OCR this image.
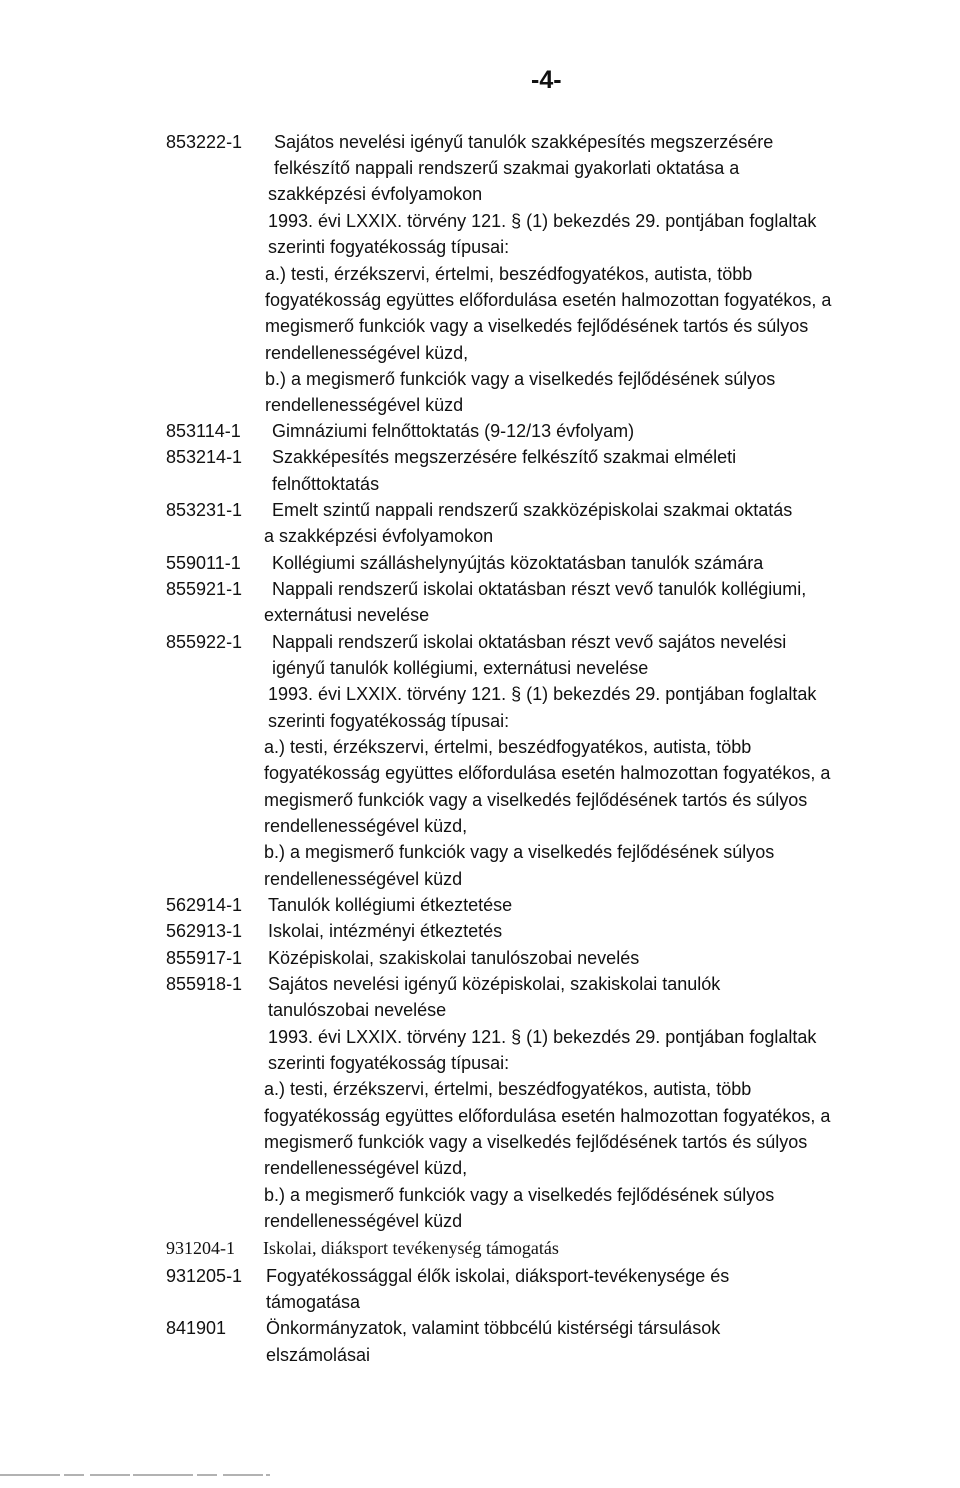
-4-
853222-1 Sajátos nevelési igényű tanulók szakképesítés megszerzésére
felkészítő nappali rendszerű szakmai gyakorlati oktatása a
szakképzési évfolyamokon
1993. évi LXXIX. törvény 121. § (1) bekezdés 29. pontjában foglaltak
szerinti fogyatékosság típusai:
a.) testi, érzékszervi, értelmi, beszédfogyatékos, autista, több
fogyatékosság együttes előfordulása esetén halmozottan fogyatékos, a
megismerő funkciók vagy a viselkedés fejlődésének tartós és súlyos
rendellenességével küzd,
b.) a megismerő funkciók vagy a viselkedés fejlődésének súlyos
rendellenességével küzd
853114-1 Gimnáziumi felnőttoktatás (9-12/13 évfolyam)
853214-1 Szakképesítés megszerzésére felkészítő szakmai elméleti
felnőttoktatás
853231-1 Emelt szintű nappali rendszerű szakközépiskolai szakmai oktatás
a szakképzési évfolyamokon
559011-1 Kollégiumi szálláshelynyújtás közoktatásban tanulók számára
855921-1 Nappali rendszerű iskolai oktatásban részt vevő tanulók kollégiumi,
externátusi nevelése
855922-1 Nappali rendszerű iskolai oktatásban részt vevő sajátos nevelési
igényű tanulók kollégiumi, externátusi nevelése
1993. évi LXXIX. törvény 121. § (1) bekezdés 29. pontjában foglaltak
szerinti fogyatékosság típusai:
a.) testi, érzékszervi, értelmi, beszédfogyatékos, autista, több
fogyatékosság együttes előfordulása esetén halmozottan fogyatékos, a
megismerő funkciók vagy a viselkedés fejlődésének tartós és súlyos
rendellenességével küzd,
b.) a megismerő funkciók vagy a viselkedés fejlődésének súlyos
rendellenességével küzd
562914-1 Tanulók kollégiumi étkeztetése
562913-1 Iskolai, intézményi étkeztetés
855917-1 Középiskolai, szakiskolai tanulószobai nevelés
855918-1 Sajátos nevelési igényű középiskolai, szakiskolai tanulók
tanulószobai nevelése
1993. évi LXXIX. törvény 121. § (1) bekezdés 29. pontjában foglaltak
szerinti fogyatékosság típusai:
a.) testi, érzékszervi, értelmi, beszédfogyatékos, autista, több
fogyatékosság együttes előfordulása esetén halmozottan fogyatékos, a
megismerő funkciók vagy a viselkedés fejlődésének tartós és súlyos
rendellenességével küzd,
b.) a megismerő funkciók vagy a viselkedés fejlődésének súlyos
rendellenességével küzd
931204-1 Iskolai, diáksport tevékenység támogatás
931205-1 Fogyatékossággal élők iskolai, diáksport-tevékenysége és
támogatása
841901 Önkormányzatok, valamint többcélú kistérségi társulások
elszámolásai
